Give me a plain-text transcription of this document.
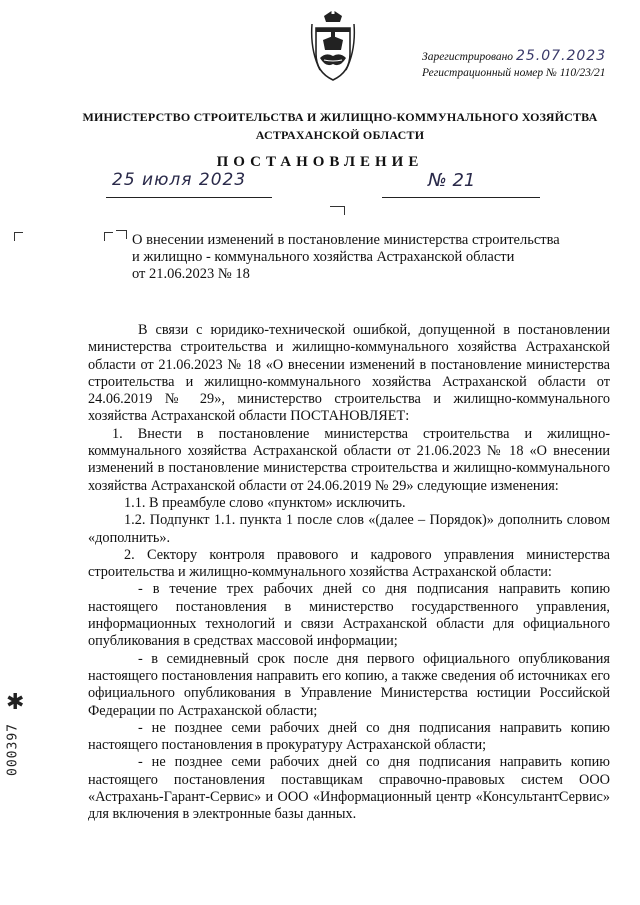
Зарегистрировано 25.07.2023
Регистрационный номер № 110/23/21
МИНИСТЕРСТВО СТРОИТЕЛЬСТВА И ЖИЛИЩНО-КОММУНАЛЬНОГО ХОЗЯЙСТВА
АСТРАХАНСКОЙ ОБЛАСТИ
ПОСТАНОВЛЕНИЕ
25 июля 2023	№ 21
О внесении изменений в постановление министерства строительства
и жилищно - коммунального хозяйства Астраханской области
от 21.06.2023 № 18

В связи с юридико-технической ошибкой, допущенной в постановлении министерства строительства и жилищно-коммунального хозяйства Астраханской области от 21.06.2023 № 18 «О внесении изменений в постановление министерства строительства и жилищно-коммунального хозяйства Астраханской области от 24.06.2019 № 29», министерство строительства и жилищно-коммунального хозяйства Астраханской области ПОСТАНОВЛЯЕТ:

1. Внести в постановление министерства строительства и жилищно-коммунального хозяйства Астраханской области от 21.06.2023 № 18 «О внесении изменений в постановление министерства строительства и жилищно-коммунального хозяйства Астраханской области от 24.06.2019 № 29» следующие изменения:

1.1. В преамбуле слово «пунктом» исключить.

1.2. Подпункт 1.1. пункта 1 после слов «(далее – Порядок)» дополнить словом «дополнить».

2. Сектору контроля правового и кадрового управления министерства строительства и жилищно-коммунального хозяйства Астраханской области:

- в течение трех рабочих дней со дня подписания направить копию настоящего постановления в министерство государственного управления, информационных технологий и связи Астраханской области для официального опубликования в средствах массовой информации;

- в семидневный срок после дня первого официального опубликования настоящего постановления направить его копию, а также сведения об источниках его официального опубликования в Управление Министерства юстиции Российской Федерации по Астраханской области;

- не позднее семи рабочих дней со дня подписания направить копию настоящего постановления в прокуратуру Астраханской области;

- не позднее семи рабочих дней со дня подписания направить копию настоящего постановления поставщикам справочно-правовых систем ООО «Астрахань-Гарант-Сервис» и ООО «Информационный центр «КонсультантСервис» для включения в электронные базы данных.

✱
000397
